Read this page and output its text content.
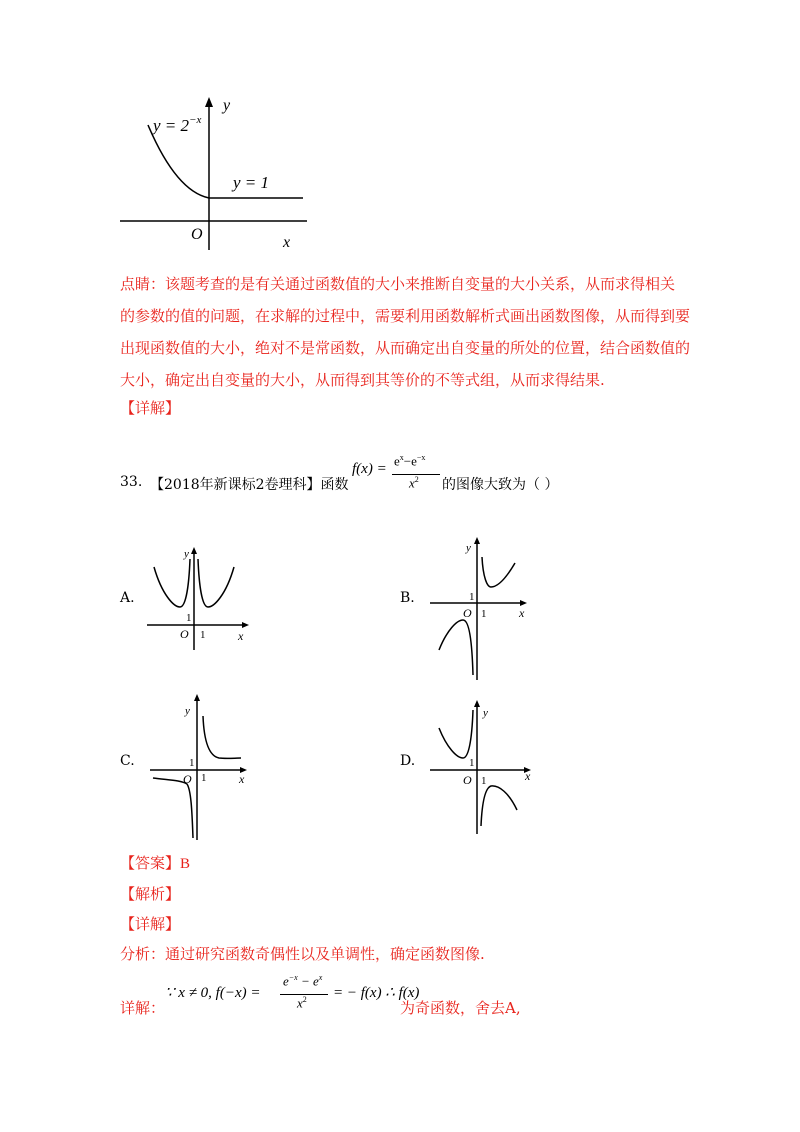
$y = 2^{-x}$
y = 1
y
x
O
点睛：该题考查的是有关通过函数值的大小来推断自变量的大小关系，从而求得相关的参数的值的问题，在求解的过程中，需要利用函数解析式画出函数图像，从而得到要出现函数值的大小，绝对不是常函数，从而确定出自变量的所处的位置，结合函数值的大小，确定出自变量的大小，从而得到其等价的不等式组，从而求得结果.
【详解】
33. 【2018年新课标2卷理科】函数
f(x) =
$e^x-e^{-x}$
$x^2$ 的图像大致为（ ）
A.
y
x
O
1
1
B.
y
x
O
1
1
C.
y
x
O
1
1
D.
y
x
O
1
1
【答案】B
【解析】
【详解】
分析：通过研究函数奇偶性以及单调性，确定函数图像.
详解：
∵ x ≠ 0, f(−x) =
$e^{-x} - e^x$
$x^2$ = − f(x) ∴ f(x)
为奇函数，舍去A,
